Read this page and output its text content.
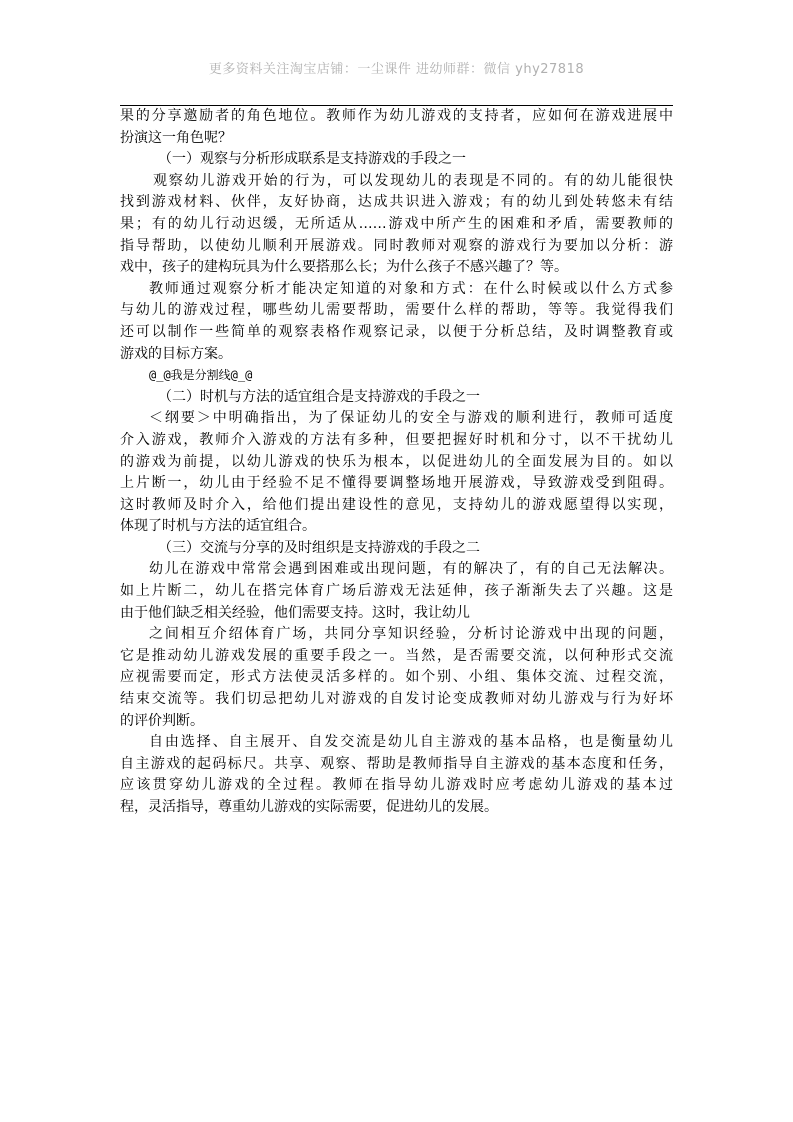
更多资料关注淘宝店铺：一尘课件 进幼师群：微信 yhy27818
果的分享邀励者的角色地位。教师作为幼儿游戏的支持者，应如何在游戏进展中
扮演这一角色呢？
（一）观察与分析形成联系是支持游戏的手段之一
观察幼儿游戏开始的行为，可以发现幼儿的表现是不同的。有的幼儿能很快
找到游戏材料、伙伴，友好协商，达成共识进入游戏；有的幼儿到处转悠未有结
果；有的幼儿行动迟缓，无所适从……游戏中所产生的困难和矛盾，需要教师的
指导帮助，以使幼儿顺利开展游戏。同时教师对观察的游戏行为要加以分析：游
戏中，孩子的建构玩具为什么要搭那么长；为什么孩子不感兴趣了？等。
教师通过观察分析才能决定知道的对象和方式：在什么时候或以什么方式参
与幼儿的游戏过程，哪些幼儿需要帮助，需要什么样的帮助，等等。我觉得我们
还可以制作一些简单的观察表格作观察记录，以便于分析总结，及时调整教育或
游戏的目标方案。
@_@我是分割线@_@
（二）时机与方法的适宜组合是支持游戏的手段之一
＜纲要＞中明确指出，为了保证幼儿的安全与游戏的顺利进行，教师可适度
介入游戏，教师介入游戏的方法有多种，但要把握好时机和分寸，以不干扰幼儿
的游戏为前提，以幼儿游戏的快乐为根本，以促进幼儿的全面发展为目的。如以
上片断一，幼儿由于经验不足不懂得要调整场地开展游戏，导致游戏受到阻碍。
这时教师及时介入，给他们提出建设性的意见，支持幼儿的游戏愿望得以实现，
体现了时机与方法的适宜组合。
（三）交流与分享的及时组织是支持游戏的手段之二
幼儿在游戏中常常会遇到困难或出现问题，有的解决了，有的自己无法解决。
如上片断二，幼儿在搭完体育广场后游戏无法延伸，孩子渐渐失去了兴趣。这是
由于他们缺乏相关经验，他们需要支持。这时，我让幼儿
之间相互介绍体育广场，共同分享知识经验，分析讨论游戏中出现的问题，
它是推动幼儿游戏发展的重要手段之一。当然，是否需要交流，以何种形式交流
应视需要而定，形式方法使灵活多样的。如个别、小组、集体交流、过程交流，
结束交流等。我们切忌把幼儿对游戏的自发讨论变成教师对幼儿游戏与行为好坏
的评价判断。
自由选择、自主展开、自发交流是幼儿自主游戏的基本品格，也是衡量幼儿
自主游戏的起码标尺。共享、观察、帮助是教师指导自主游戏的基本态度和任务，
应该贯穿幼儿游戏的全过程。教师在指导幼儿游戏时应考虑幼儿游戏的基本过
程，灵活指导，尊重幼儿游戏的实际需要，促进幼儿的发展。
